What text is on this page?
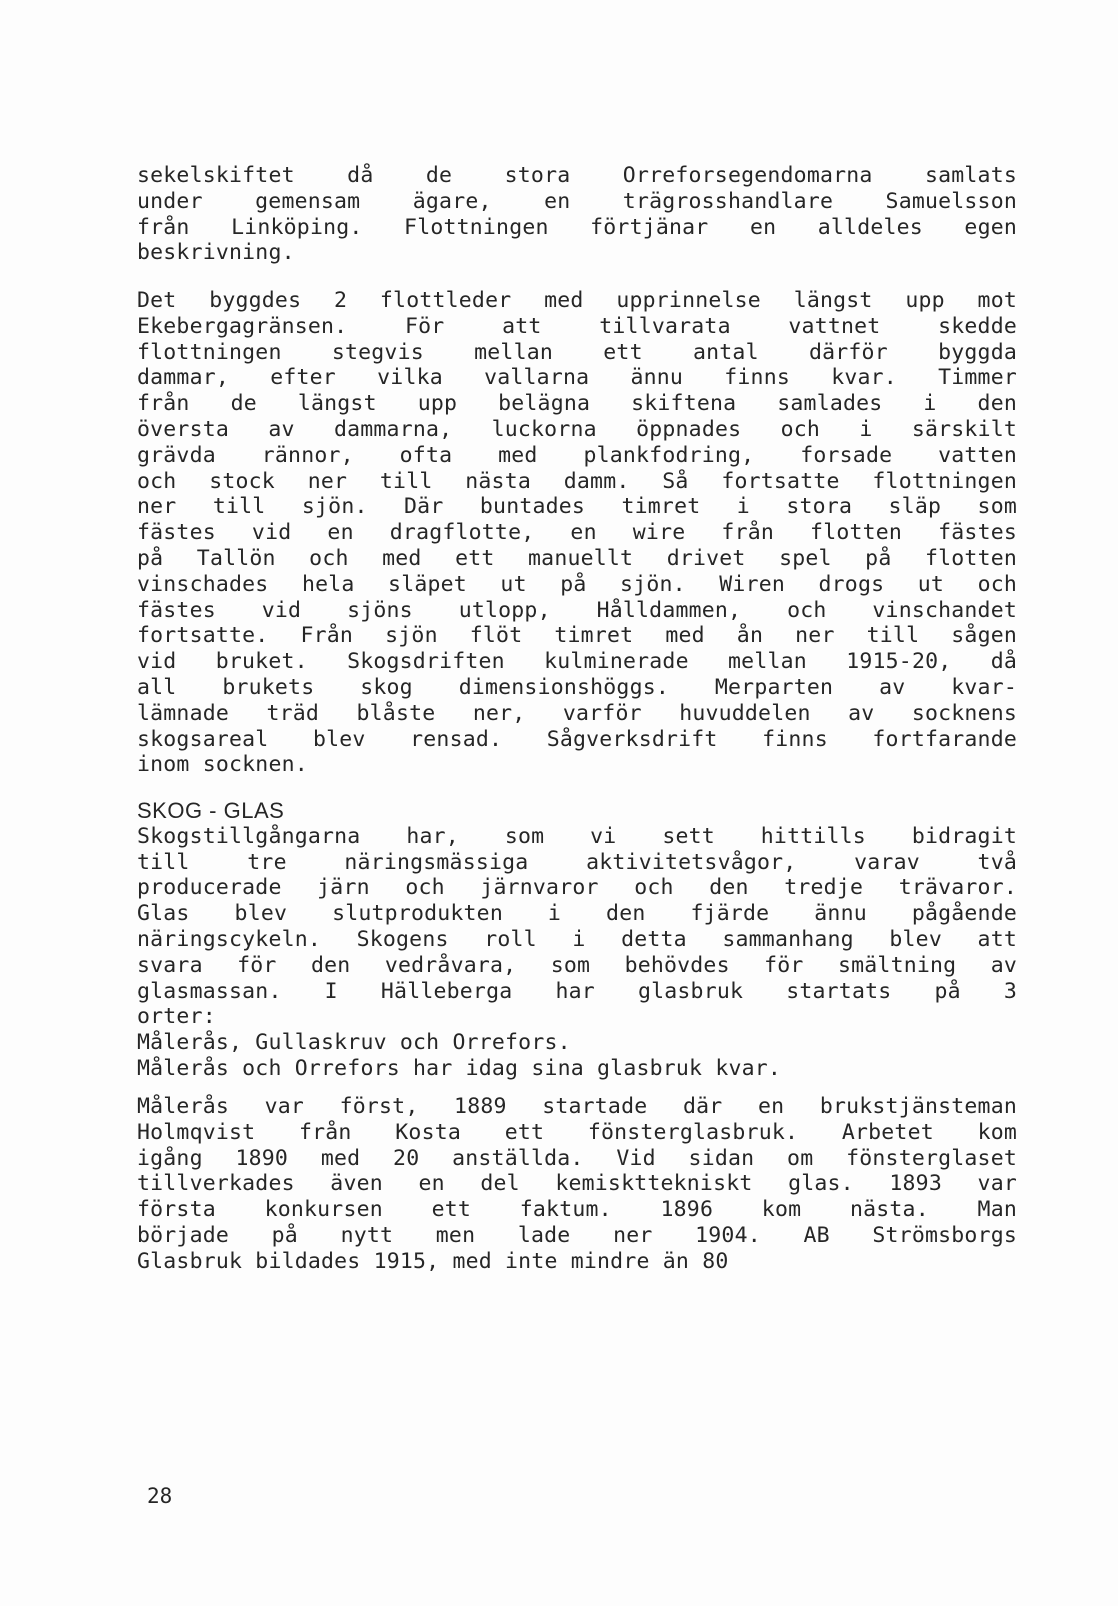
sekelskiftet då de stora Orreforsegendomarna samlats
under gemensam ägare, en trägrosshandlare Samuelsson
från Linköping. Flottningen förtjänar en alldeles egen
beskrivning.
Det byggdes 2 flottleder med upprinnelse längst upp mot
Ekebergagränsen. För att tillvarata vattnet skedde
flottningen stegvis mellan ett antal därför byggda
dammar, efter vilka vallarna ännu finns kvar. Timmer
från de längst upp belägna skiftena samlades i den
översta av dammarna, luckorna öppnades och i särskilt
grävda rännor, ofta med plankfodring, forsade vatten
och stock ner till nästa damm. Så fortsatte flottningen
ner till sjön. Där buntades timret i stora släp som
fästes vid en dragflotte, en wire från flotten fästes
på Tallön och med ett manuellt drivet spel på flotten
vinschades hela släpet ut på sjön. Wiren drogs ut och
fästes vid sjöns utlopp, Hålldammen, och vinschandet
fortsatte. Från sjön flöt timret med ån ner till sågen
vid bruket. Skogsdriften kulminerade mellan 1915-20, då
all brukets skog dimensionshöggs. Merparten av kvar-
lämnade träd blåste ner, varför huvuddelen av socknens
skogsareal blev rensad. Sågverksdrift finns fortfarande
inom socknen.
SKOG - GLAS
Skogstillgångarna har, som vi sett hittills bidragit
till tre näringsmässiga aktivitetsvågor, varav två
producerade järn och järnvaror och den tredje trävaror.
Glas blev slutprodukten i den fjärde ännu pågående
näringscykeln. Skogens roll i detta sammanhang blev att
svara för den vedråvara, som behövdes för smältning av
glasmassan. I Hälleberga har glasbruk startats på 3
orter:
Målerås, Gullaskruv och Orrefors.
Målerås och Orrefors har idag sina glasbruk kvar.
Målerås var först, 1889 startade där en brukstjänsteman
Holmqvist från Kosta ett fönsterglasbruk. Arbetet kom
igång 1890 med 20 anställda. Vid sidan om fönsterglaset
tillverkades även en del kemiskttekniskt glas. 1893 var
första konkursen ett faktum. 1896 kom nästa. Man
började på nytt men lade ner 1904. AB Strömsborgs
Glasbruk bildades 1915, med inte mindre än 80
28
